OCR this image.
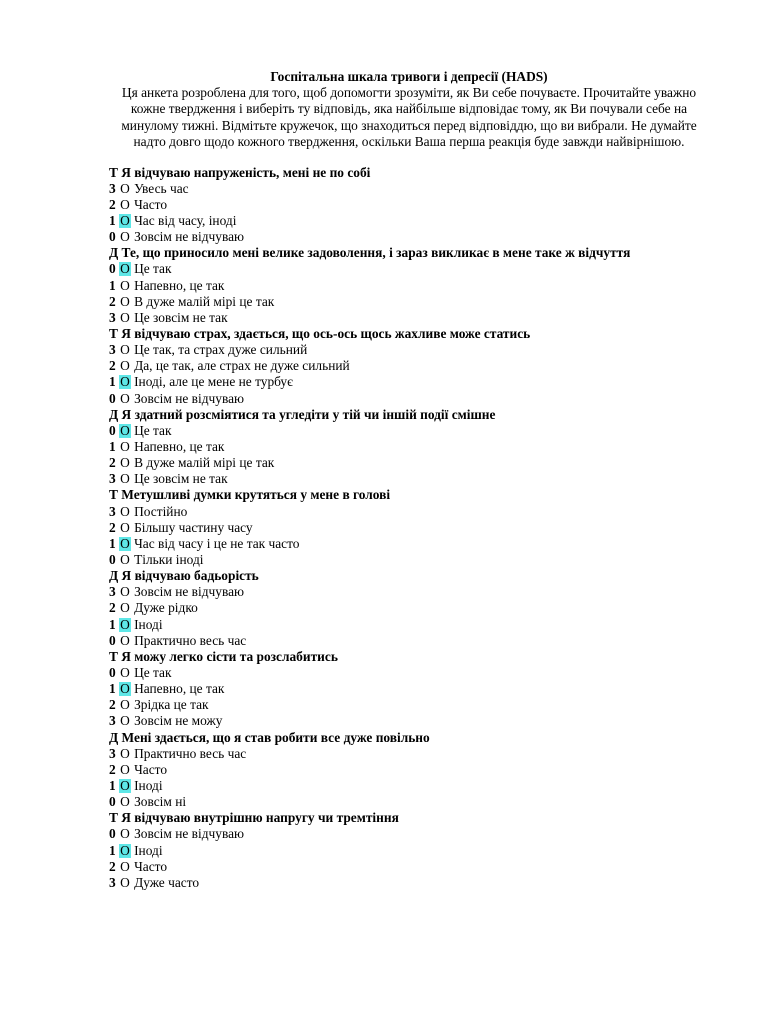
Госпітальна шкала тривоги і депресії (HADS)
Ця анкета розроблена для того, щоб допомогти зрозуміти, як Ви себе почуваєте. Прочитайте уважно кожне твердження і виберіть ту відповідь, яка найбільше відповідає тому, як Ви почували себе на минулому тижні. Відмітьте кружечок, що знаходиться перед відповіддю, що ви вибрали. Не думайте надто довго щодо кожного твердження, оскільки Ваша перша реакція буде завжди найвірнішою.
Т Я відчуваю напруженість, мені не по собі
3 O Увесь час
2 O Часто
1 O Час від часу, іноді
0 O Зовсім не відчуваю
Д Те, що приносило мені велике задоволення, і зараз викликає в мене таке ж відчуття
0 O Це так
1 O Напевно, це так
2 O В дуже малій мірі це так
3 O Це зовсім не так
Т Я відчуваю страх, здається, що ось-ось щось жахливе може статись
3 O Це так, та страх дуже сильний
2 O Да, це так, але страх не дуже сильний
1 O Іноді, але це мене не турбує
0 O Зовсім не відчуваю
Д Я здатний розсміятися та угледіти у тій чи іншій події смішне
0 O Це так
1 O Напевно, це так
2 O В дуже малій мірі це так
3 O Це зовсім не так
Т Метушливі думки крутяться у мене в голові
3 O Постійно
2 O Більшу частину часу
1 O Час від часу і це не так часто
0 O Тільки іноді
Д Я відчуваю бадьорість
3 O Зовсім не відчуваю
2 O Дуже рідко
1 O Іноді
0 O Практично весь час
Т Я можу легко сісти та розслабитись
0 O Це так
1 O Напевно, це так
2 O Зрідка це так
3 O Зовсім не можу
Д Мені здається, що я став робити все дуже повільно
3 O Практично весь час
2 O Часто
1 O Іноді
0 O Зовсім ні
Т Я відчуваю внутрішню напругу чи тремтіння
0 O Зовсім не відчуваю
1 O Іноді
2 O Часто
3 O Дуже часто
